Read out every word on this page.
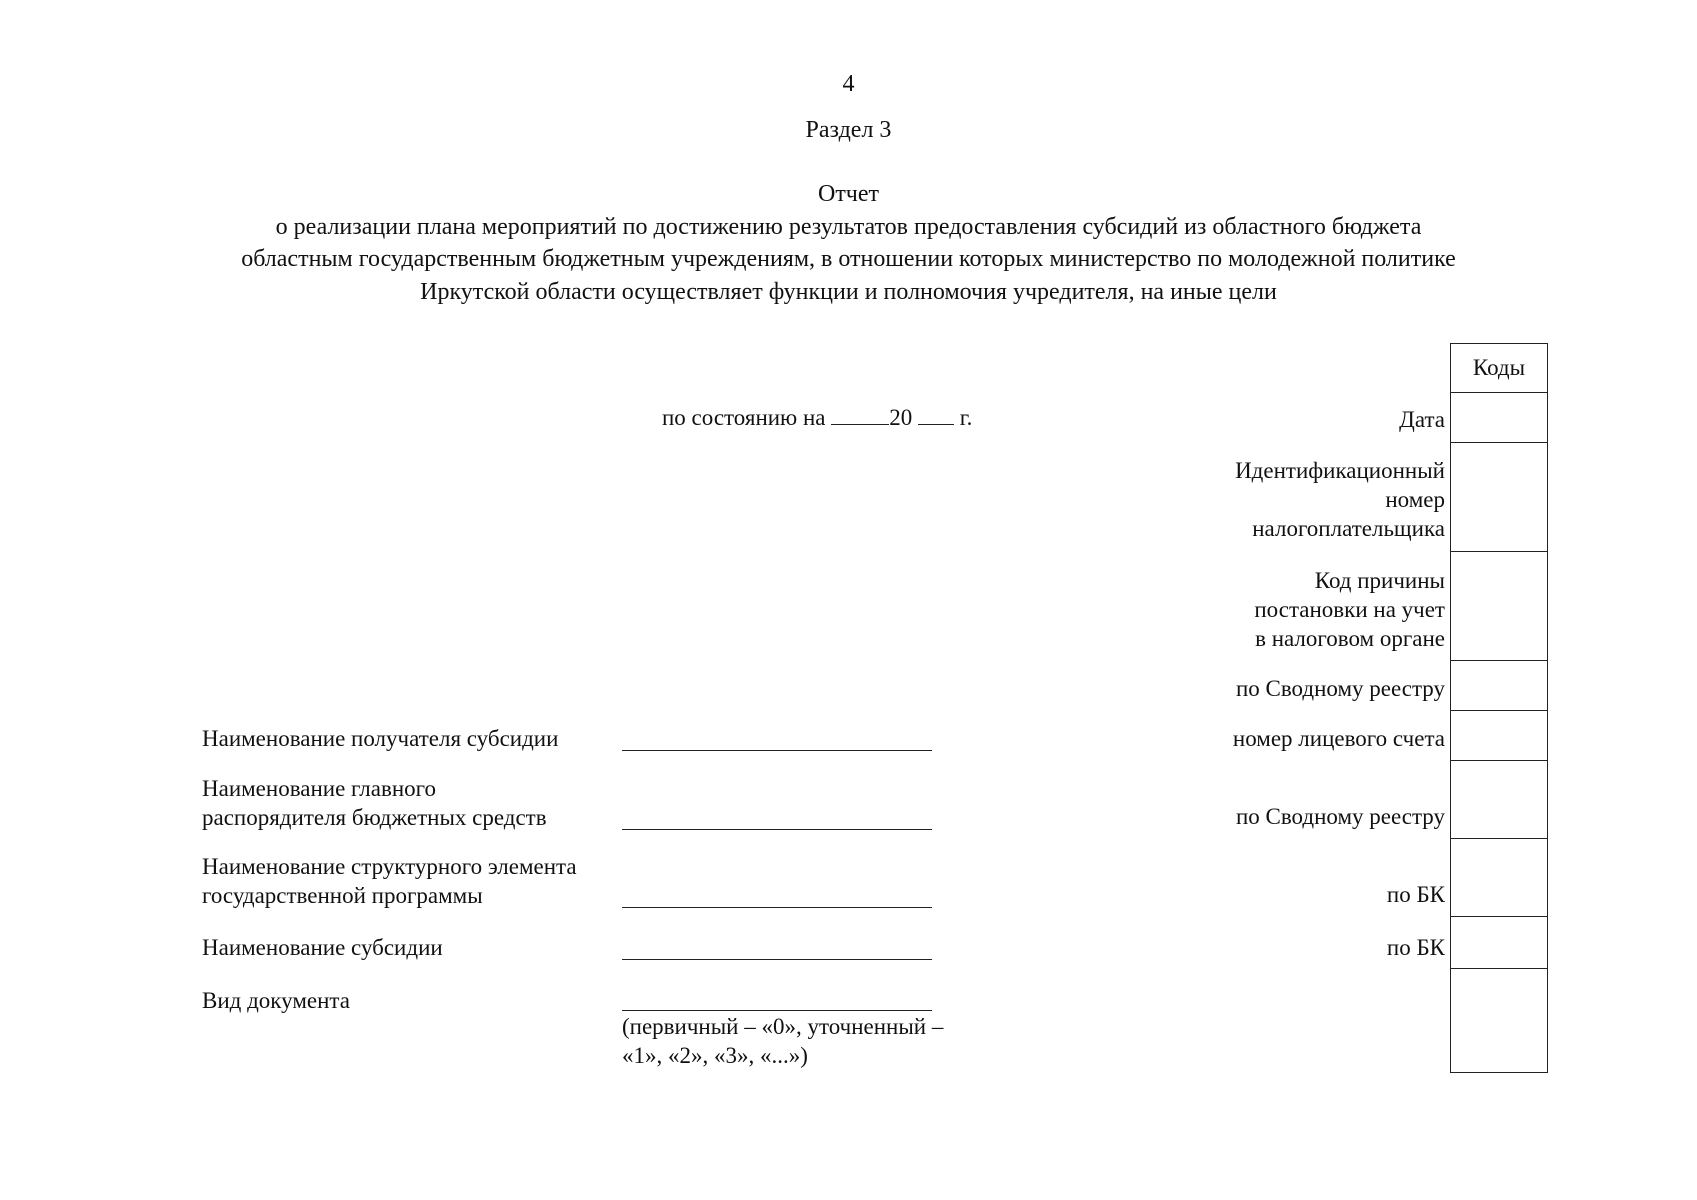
4
Раздел 3
Отчет
о реализации плана мероприятий по достижению результатов предоставления субсидий из областного бюджета
областным государственным бюджетным учреждениям, в отношении которых министерство по молодежной политике
Иркутской области осуществляет функции и полномочия учредителя, на иные цели
по состоянию на	20 г.
Коды
Дата
Идентификационный
номер
налогоплательщика
Код причины
постановки на учет
в налоговом органе
по Сводному реестру
номер лицевого счета
по Сводному реестру
по БК
по БК
Наименование получателя субсидии
Наименование главного
распорядителя бюджетных средств
Наименование структурного элемента
государственной программы
Наименование субсидии
Вид документа
(первичный – «0», уточненный –
«1», «2», «3», «...»)
